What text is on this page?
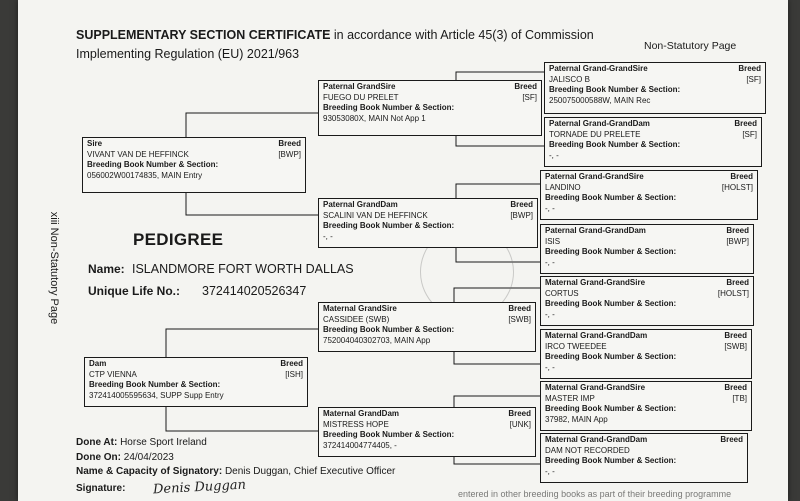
SUPPLEMENTARY SECTION CERTIFICATE in accordance with Article 45(3) of Commission
Implementing Regulation (EU) 2021/963
Non-Statutory Page
xiii Non-Statutory Page	PEDIGREE
Name: ISLANDMORE FORT WORTH DALLAS
Unique Life No.: 372414020526347
Sire	Breed
VIVANT VAN DE HEFFINCK	[BWP]
Breeding Book Number & Section:
056002W00174835, MAIN Entry
Dam	Breed
CTP VIENNA	[ISH]
Breeding Book Number & Section:
372414005595634, SUPP Supp Entry
Paternal GrandSire	Breed
FUEGO DU PRELET	[SF]
Breeding Book Number & Section:
93053080X, MAIN Not App 1
Paternal GrandDam	Breed
SCALINI VAN DE HEFFINCK	[BWP]
Breeding Book Number & Section:
-, -
Maternal GrandSire	Breed
CASSIDEE (SWB)	[SWB]
Breeding Book Number & Section:
752004040302703, MAIN App
Maternal GrandDam	Breed
MISTRESS HOPE	[UNK]
Breeding Book Number & Section:
372414004774405, -
Paternal Grand-GrandSire	Breed
JALISCO B	[SF]
Breeding Book Number & Section:
250075000588W, MAIN Rec
Paternal Grand-GrandDam	Breed
TORNADE DU PRELETE	[SF]
Breeding Book Number & Section:
-, -
Paternal Grand-GrandSire	Breed
LANDINO	[HOLST]
Breeding Book Number & Section:
-, -
Paternal Grand-GrandDam	Breed
ISIS	[BWP]
Breeding Book Number & Section:
-, -
Maternal Grand-GrandSire	Breed
CORTUS	[HOLST]
Breeding Book Number & Section:
-, -
Maternal Grand-GrandDam	Breed
IRCO TWEEDEE	[SWB]
Breeding Book Number & Section:
-, -
Maternal Grand-GrandSire	Breed
MASTER IMP	[TB]
Breeding Book Number & Section:
37982, MAIN App
Maternal Grand-GrandDam	Breed
DAM NOT RECORDED
Breeding Book Number & Section:
-, -
Done At: Horse Sport Ireland
Done On: 24/04/2023
Name & Capacity of Signatory: Denis Duggan, Chief Executive Officer
Signature: Denis Duggan	entered in other breeding books as part of their breeding programme
